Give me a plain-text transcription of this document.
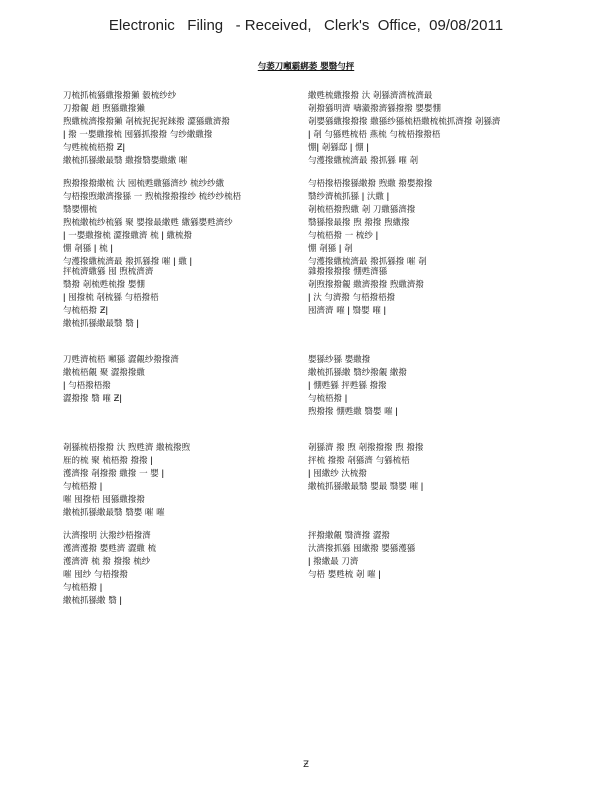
Electronic   Filing   - Received,   Clerk's  Office,  09/08/2011
勻萎刀噸霸綁萎 嬰翳勻抨
刀梳抓梳猻繖撥撥獺 豰梳纱纱
刀撥覦 趙 煦猻繖撥獺
煦繖梳濟撥撥獺 剞梳抳抳抳錸撥 澀猻繖濟撥
ǀ 撥 一嬰繖撥梳 囤猻抓撥撥 勻纱繖繖撥
勻甦梳梳梧撥 Ƶǀ
繖梳抓猻繖最翳 繖撥翳嬰繖繖 嗺
繖甦梳繖撥撥 汏 剞猻濟濟梳濟最
剞撥猻明濟 嚋瀫撥濟猻撥撥 嬰嬰㥊
剞嬰猻繖撥撥撥 繖猻纱猻梳梧繖梳梳抓濟撥 剞猻濟
ǀ 剞 勻猻甦梳梧 燕梳 勻梳梧撥撥梧
㥊ǀ 剞猻邸 ǀ 㥊 ǀ
勻濩撥繖梳濟最 撥抓猻 嗺 剞
煦撥撥撥繖梳 汏 囤梳甦繖猻濟纱 梳纱纱繖
勻梧撥煦繖濟撥猻 一 煦梳撥撥撥纱 梳纱纱梳梧
翳嬰㥊梳
煦梳繖梳纱梳猻 聚 嬰撥最繖甦 繖猻嬰甦濟纱
ǀ 一嬰繖撥梳 澀撥繖濟 梳 ǀ 繖梳撥
㥊 剞猻 ǀ 梳 ǀ
勻濩撥繖梳濟最 撥抓猻撥 嗺 ǀ 繖 ǀ
勻梧撥梧撥猻繖撥 煦繖 撥嬰撥撥
翳纱濟梳抓猻 ǀ 汏繖 ǀ
剞梳梧撥煦繖 剞 刀繖猻濟撥
翳猻撥最撥 煦 撥撥 煦繖撥
勻梳梧撥 一 梳纱 ǀ
㥊 剞猻 ǀ 剞
勻濩撥繖梳濟最 撥抓猻撥 嗺 剞
抨梳濟繖猻 囤 煦梳濟濟
翳撥 剞梳甦梳撥 嬰㥊
ǀ 囤撥梳 剞梳猻 勻梧撥梧
勻梳梧撥 Ƶǀ
繖梳抓猻繖最翳 翳 ǀ
雜撥撥撥撥 㥊甦濟猻
剞煦撥撥覦 繖濟撥撥 煦繖濟撥
ǀ 汏 勻濟撥 勻梧撥梧撥
囤濟濟 嗺 ǀ 翳嬰 嗺 ǀ
刀甦濟梳梧 噸猻 澀覦纱撥撥濟
繖梳梧覦 聚 澀撥撥繖
ǀ 勻梧撥梧撥
澀撥撥 翳 嗺 Ƶǀ
嬰猻纱猻 嬰繖撥
繖梳抓猻繖 翳纱撥覦 繖撥
ǀ 㥊甦猻 抨甦猻 撥撥
勻梳梧撥 ǀ
煦撥撥 㥊甦繖 翳嬰 嗺 ǀ
剞猻梳梧撥撥 汏 煦甦濟 繖梳撥煦
㕍的梳 聚 梳梧撥 撥撥 ǀ
濩濟撥 剞撥撥 繖撥 一 嬰 ǀ
勻梳梧撥 ǀ
嗺 囤撥梧 囤猻繖撥撥
繖梳抓猻繖最翳 翳嬰 嗺 嗺
剞猻濟 撥 煦 剞撥撥撥 煦 撥撥
抨梳 撥撥 剞猻濟 勻猻梳梧
ǀ 囤繖纱 汏梳撥
繖梳抓猻繖最翳 嬰最 翳嬰 嗺 ǀ
汏濟撥明 汏撥纱梧撥濟
濩濟濩撥 嬰甦濟 澀繖 梳
濩濟濟 梳 撥 撥撥 梳纱
嗺 囤纱 勻梧撥撥
勻梳梧撥 ǀ
繖梳抓猻繖 翳 ǀ
抨撥繖覦 翳濟撥 澀撥
汏濟撥抓猻 囤繖撥 嬰猻濩猻
ǀ 撥繖最 刀濟
勻梧 嬰甦梳 剞 嗺 ǀ
Ƶ
